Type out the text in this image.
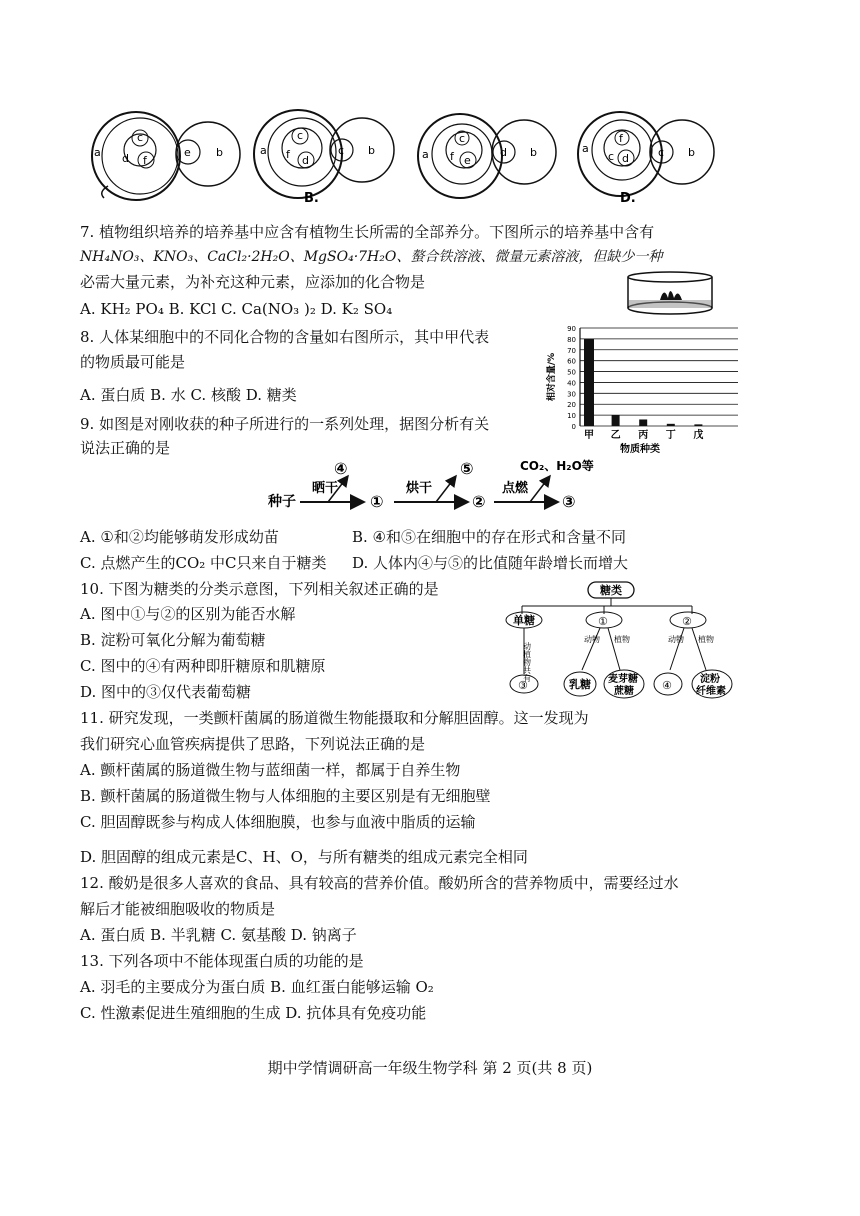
a
c
d f
e b	a
c
f d
c b
B.
a
c
f e
d b	a
f
c d	c b
D.
7. 植物组织培养的培养基中应含有植物生长所需的全部养分。下图所示的培养基中含有
NH₄NO₃、KNO₃、CaCl₂·2H₂O、MgSO₄·7H₂O、螯合铁溶液、微量元素溶液，但缺少一种
必需大量元素，为补充这种元素，应添加的化合物是
A. KH₂ PO₄ B. KCl C. Ca(NO₃ )₂ D. K₂ SO₄
8. 人体某细胞中的不同化合物的含量如右图所示，其中甲代表
的物质最可能是
A. 蛋白质 B. 水 C. 核酸 D. 糖类
0
10
20
30
40
50
60
70
80
90
相对含量/%
甲 乙 丙 丁 戊
物质种类
9. 如图是对刚收获的种子所进行的一系列处理，据图分析有关
说法正确的是
种子
晒干
④
①
烘干
⑤
②
点燃
CO₂、H₂O等
③
A. ①和②均能够萌发形成幼苗	B. ④和⑤在细胞中的存在形式和含量不同
C. 点燃产生的CO₂ 中C只来自于糖类 D. 人体内④与⑤的比值随年龄增长而增大
10. 下图为糖类的分类示意图，下列相关叙述正确的是
A. 图中①与②的区别为能否水解
B. 淀粉可氧化分解为葡萄糖
C. 图中的④有两种即肝糖原和肌糖原
D. 图中的③仅代表葡萄糖
糖类
单糖	①	②
动植物共有
③
动物 植物
乳糖 麦芽糖
蔗糖
动物 植物
④	淀粉
纤维素
11. 研究发现，一类颤杆菌属的肠道微生物能摄取和分解胆固醇。这一发现为
我们研究心血管疾病提供了思路，下列说法正确的是
A. 颤杆菌属的肠道微生物与蓝细菌一样，都属于自养生物
B. 颤杆菌属的肠道微生物与人体细胞的主要区别是有无细胞壁
C. 胆固醇既参与构成人体细胞膜，也参与血液中脂质的运输
D. 胆固醇的组成元素是C、H、O，与所有糖类的组成元素完全相同
12. 酸奶是很多人喜欢的食品、具有较高的营养价值。酸奶所含的营养物质中，需要经过水
解后才能被细胞吸收的物质是
A. 蛋白质 B. 半乳糖 C. 氨基酸 D. 钠离子
13. 下列各项中不能体现蛋白质的功能的是
A. 羽毛的主要成分为蛋白质 B. 血红蛋白能够运输 O₂
C. 性激素促进生殖细胞的生成 D. 抗体具有免疫功能
期中学情调研高一年级生物学科 第 2 页(共 8 页)
